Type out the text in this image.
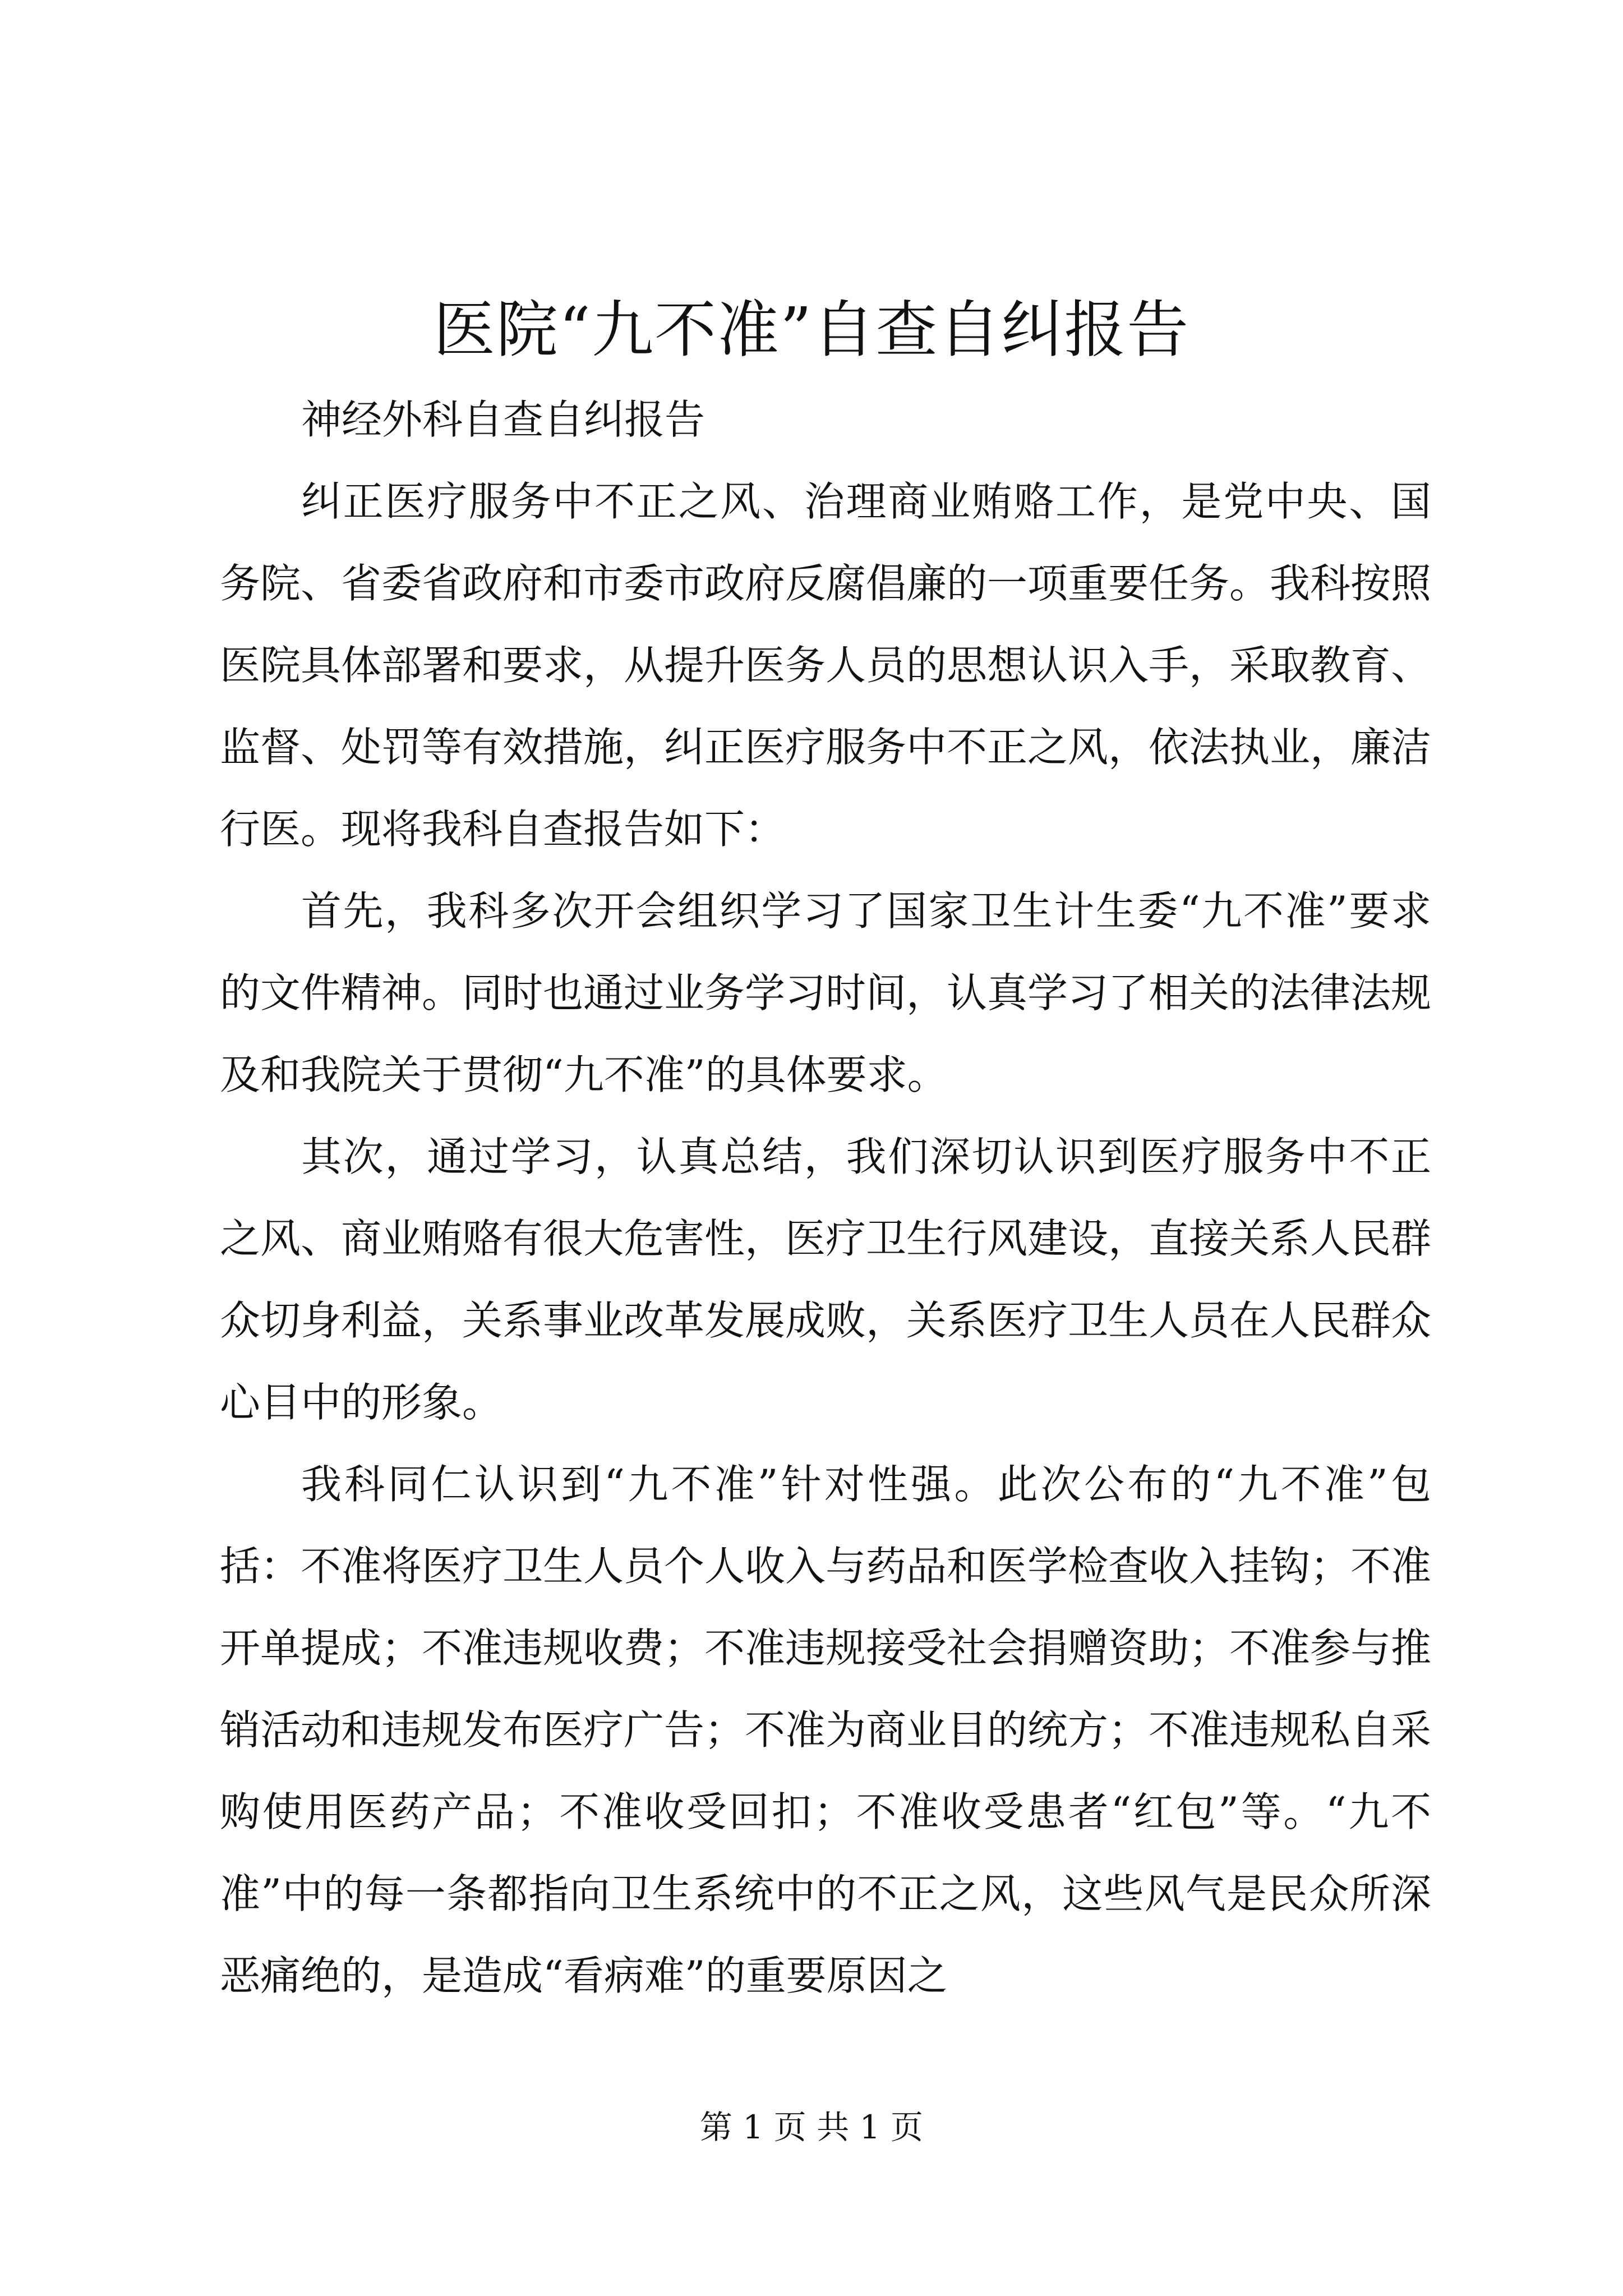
医院“九不准”自查自纠报告

神经外科自查自纠报告

纠正医疗服务中不正之风、治理商业贿赂工作，是党中央、国务院、省委省政府和市委市政府反腐倡廉的一项重要任务。我科按照医院具体部署和要求，从提升医务人员的思想认识入手，采取教育、监督、处罚等有效措施，纠正医疗服务中不正之风，依法执业，廉洁行医。现将我科自查报告如下：

首先，我科多次开会组织学习了国家卫生计生委“九不准”要求的文件精神。同时也通过业务学习时间，认真学习了相关的法律法规及和我院关于贯彻“九不准”的具体要求。

其次，通过学习，认真总结，我们深切认识到医疗服务中不正之风、商业贿赂有很大危害性，医疗卫生行风建设，直接关系人民群众切身利益，关系事业改革发展成败，关系医疗卫生人员在人民群众心目中的形象。

我科同仁认识到“九不准”针对性强。此次公布的“九不准”包括：不准将医疗卫生人员个人收入与药品和医学检查收入挂钩；不准开单提成；不准违规收费；不准违规接受社会捐赠资助；不准参与推销活动和违规发布医疗广告；不准为商业目的统方；不准违规私自采购使用医药产品；不准收受回扣；不准收受患者“红包”等。“九不准”中的每一条都指向卫生系统中的不正之风，这些风气是民众所深恶痛绝的，是造成“看病难”的重要原因之

第 1 页 共 1 页
